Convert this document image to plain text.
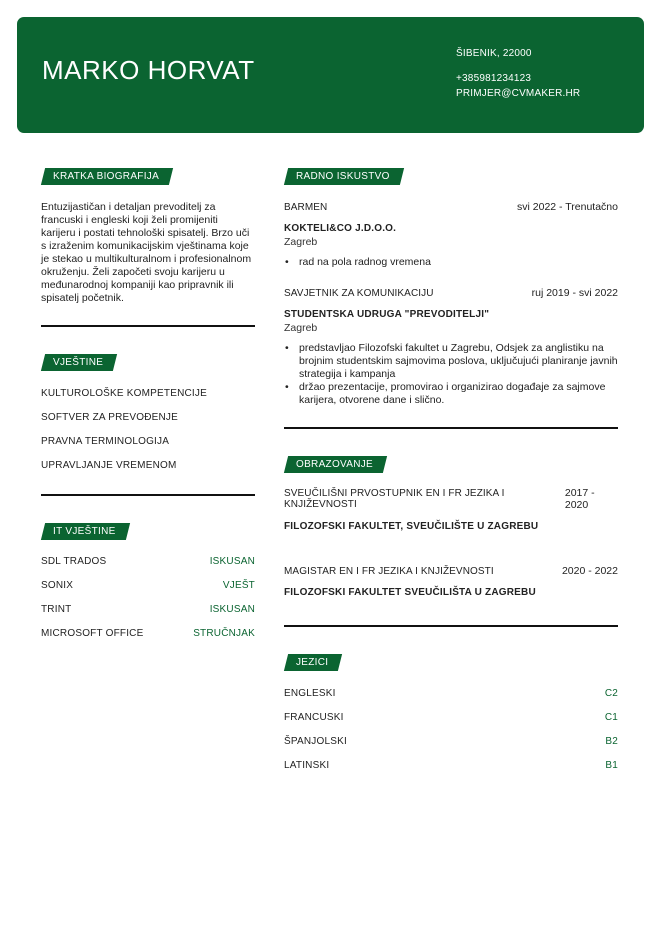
MARKO HORVAT
ŠIBENIK, 22000
+385981234123
PRIMJER@CVMAKER.HR
KRATKA BIOGRAFIJA
Entuzijastičan i detaljan prevoditelj za francuski i engleski koji želi promijeniti karijeru i postati tehnološki spisatelj. Brzo uči s izraženim komunikacijskim vještinama koje je stekao u multikulturalnom i profesionalnom okruženju. Želi započeti svoju karijeru u međunarodnoj kompaniji kao pripravnik ili spisatelj početnik.
VJEŠTINE
KULTUROLOŠKE KOMPETENCIJE
SOFTVER ZA PREVOĐENJE
PRAVNA TERMINOLOGIJA
UPRAVLJANJE VREMENOM
IT VJEŠTINE
SDL TRADOS	ISKUSAN
SONIX	VJEŠT
TRINT	ISKUSAN
MICROSOFT OFFICE	STRUČNJAK
RADNO ISKUSTVO
BARMEN	svi 2022 - Trenutačno
KOKTELI&CO J.D.O.O.
Zagreb
• rad na pola radnog vremena
SAVJETNIK ZA KOMUNIKACIJU	ruj 2019 - svi 2022
STUDENTSKA UDRUGA "PREVODITELJI"
Zagreb
• predstavljao Filozofski fakultet u Zagrebu, Odsjek za anglistiku na brojnim studentskim sajmovima poslova, uključujući planiranje javnih strategija i kampanja
• držao prezentacije, promovirao i organizirao događaje za sajmove karijera, otvorene dane i slično.
OBRAZOVANJE
SVEUČILIŠNI PRVOSTUPNIK EN I FR JEZIKA I KNJIŽEVNOSTI
2017 - 2020
FILOZOFSKI FAKULTET, SVEUČILIŠTE U ZAGREBU
MAGISTAR EN I FR JEZIKA I KNJIŽEVNOSTI	2020 - 2022
FILOZOFSKI FAKULTET SVEUČILIŠTA U ZAGREBU
JEZICI
ENGLESKI	C2
FRANCUSKI	C1
ŠPANJOLSKI	B2
LATINSKI	B1
